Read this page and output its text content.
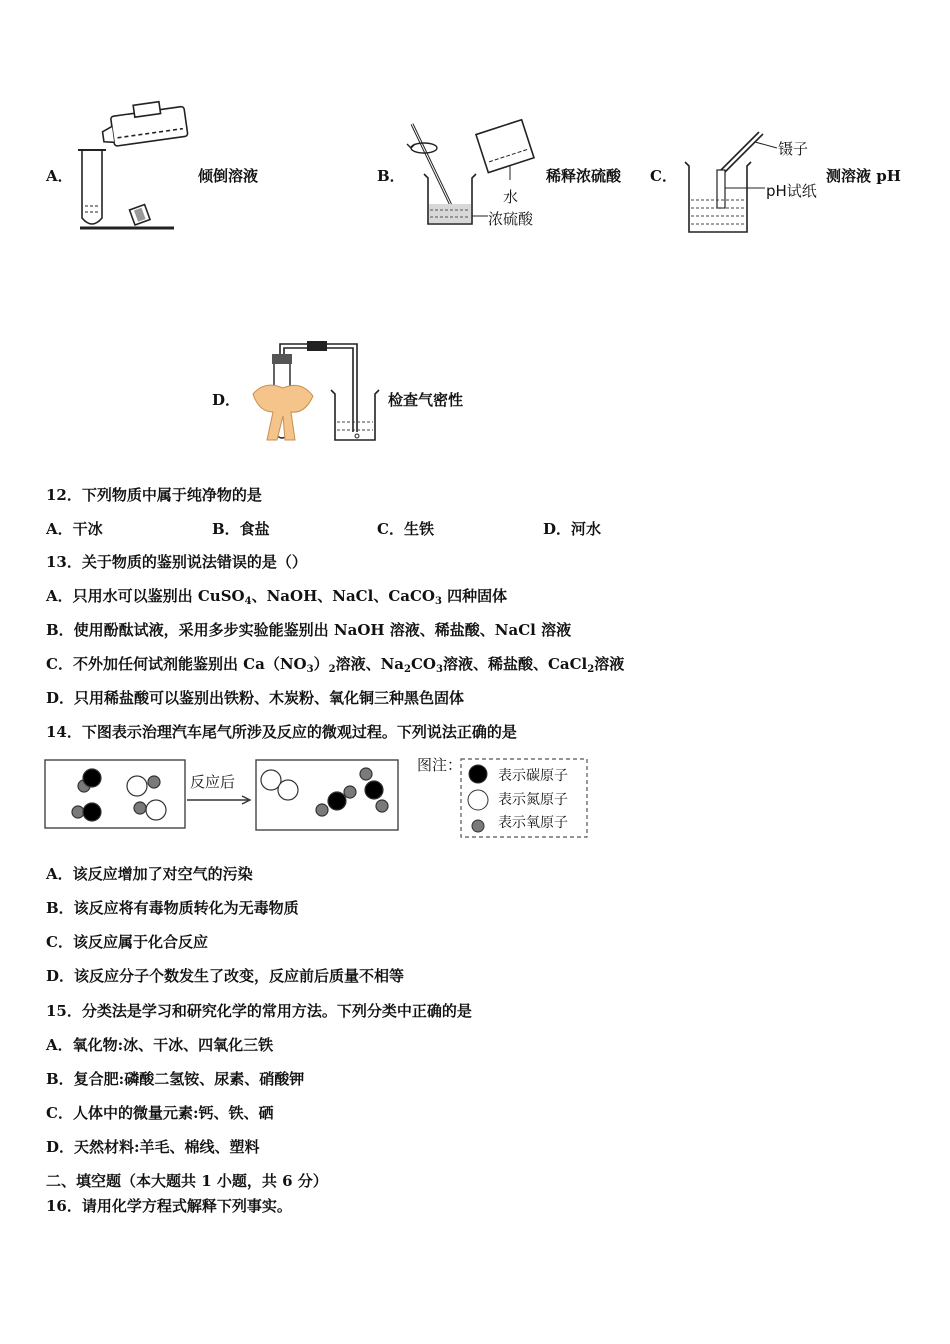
A．	倾倒溶液	B．
水
浓硫酸
稀释浓硫酸 C．
镊子
pH试纸
测溶液 pH
D．	检查气密性
12．下列物质中属于纯净物的是
A．干冰	B．食盐	C．生铁	D．河水
13．关于物质的鉴别说法错误的是（）
A．只用水可以鉴别出 CuSO$_4$、NaOH、NaCl、CaCO$_3$ 四种固体
B．使用酚酞试液，采用多步实验能鉴别出 NaOH 溶液、稀盐酸、NaCl 溶液
C．不外加任何试剂能鉴别出 $Ca(NO_3)_2$溶液、$Na_2CO_3$溶液、稀盐酸、CaCl$_2$溶液
D．只用稀盐酸可以鉴别出铁粉、木炭粉、氧化铜三种黑色固体
14．下图表示治理汽车尾气所涉及反应的微观过程。下列说法正确的是
反应后
图注：
表示碳原子
表示氮原子
表示氧原子
A．该反应增加了对空气的污染
B．该反应将有毒物质转化为无毒物质
C．该反应属于化合反应
D．该反应分子个数发生了改变，反应前后质量不相等
15．分类法是学习和研究化学的常用方法。下列分类中正确的是
A．氧化物:冰、干冰、四氧化三铁
B．复合肥:磷酸二氢铵、尿素、硝酸钾
C．人体中的微量元素:钙、铁、硒
D．天然材料:羊毛、棉线、塑料
二、填空题（本大题共 1 小题，共 6 分）
16．请用化学方程式解释下列事实。
